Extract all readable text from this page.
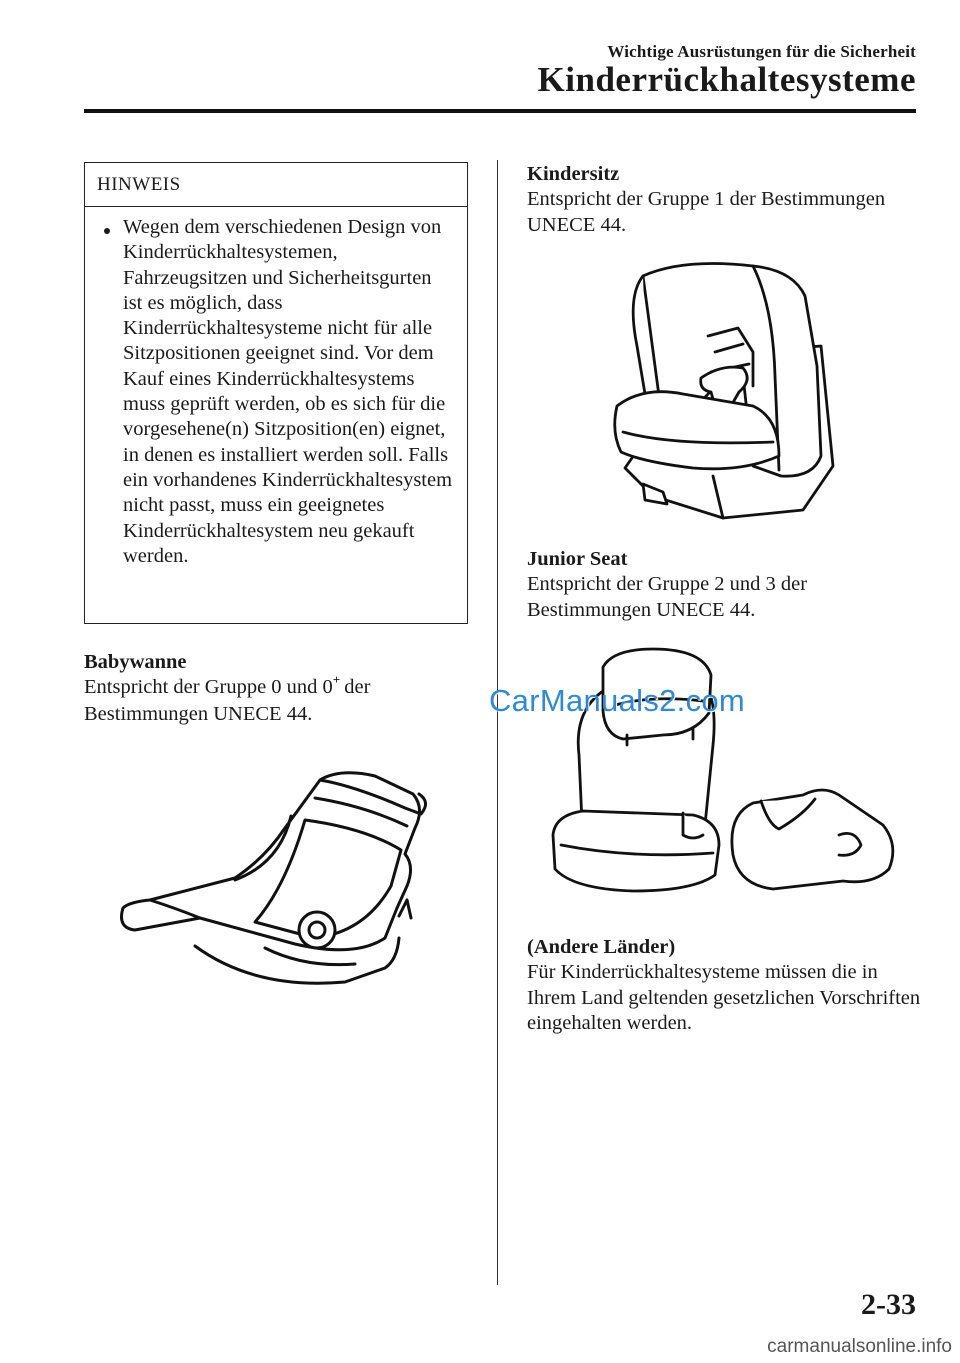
Wichtige Ausrüstungen für die Sicherheit
Kinderrückhaltesysteme
HINWEIS
Wegen dem verschiedenen Design von Kinderrückhaltesystemen, Fahrzeugsitzen und Sicherheitsgurten ist es möglich, dass Kinderrückhaltesysteme nicht für alle Sitzpositionen geeignet sind. Vor dem Kauf eines Kinderrückhaltesystems muss geprüft werden, ob es sich für die vorgesehene(n) Sitzposition(en) eignet, in denen es installiert werden soll. Falls ein vorhandenes Kinderrückhaltesystem nicht passt, muss ein geeignetes Kinderrückhaltesystem neu gekauft werden.
Babywanne
Entspricht der Gruppe 0 und 0+ der
Bestimmungen UNECE 44.
Kindersitz
Entspricht der Gruppe 1 der Bestimmungen UNECE 44.
Junior Seat
Entspricht der Gruppe 2 und 3 der Bestimmungen UNECE 44.
(Andere Länder)
Für Kinderrückhaltesysteme müssen die in Ihrem Land geltenden gesetzlichen Vorschriften eingehalten werden.
CarManuals2.com
2-33
carmanualsonline.info
